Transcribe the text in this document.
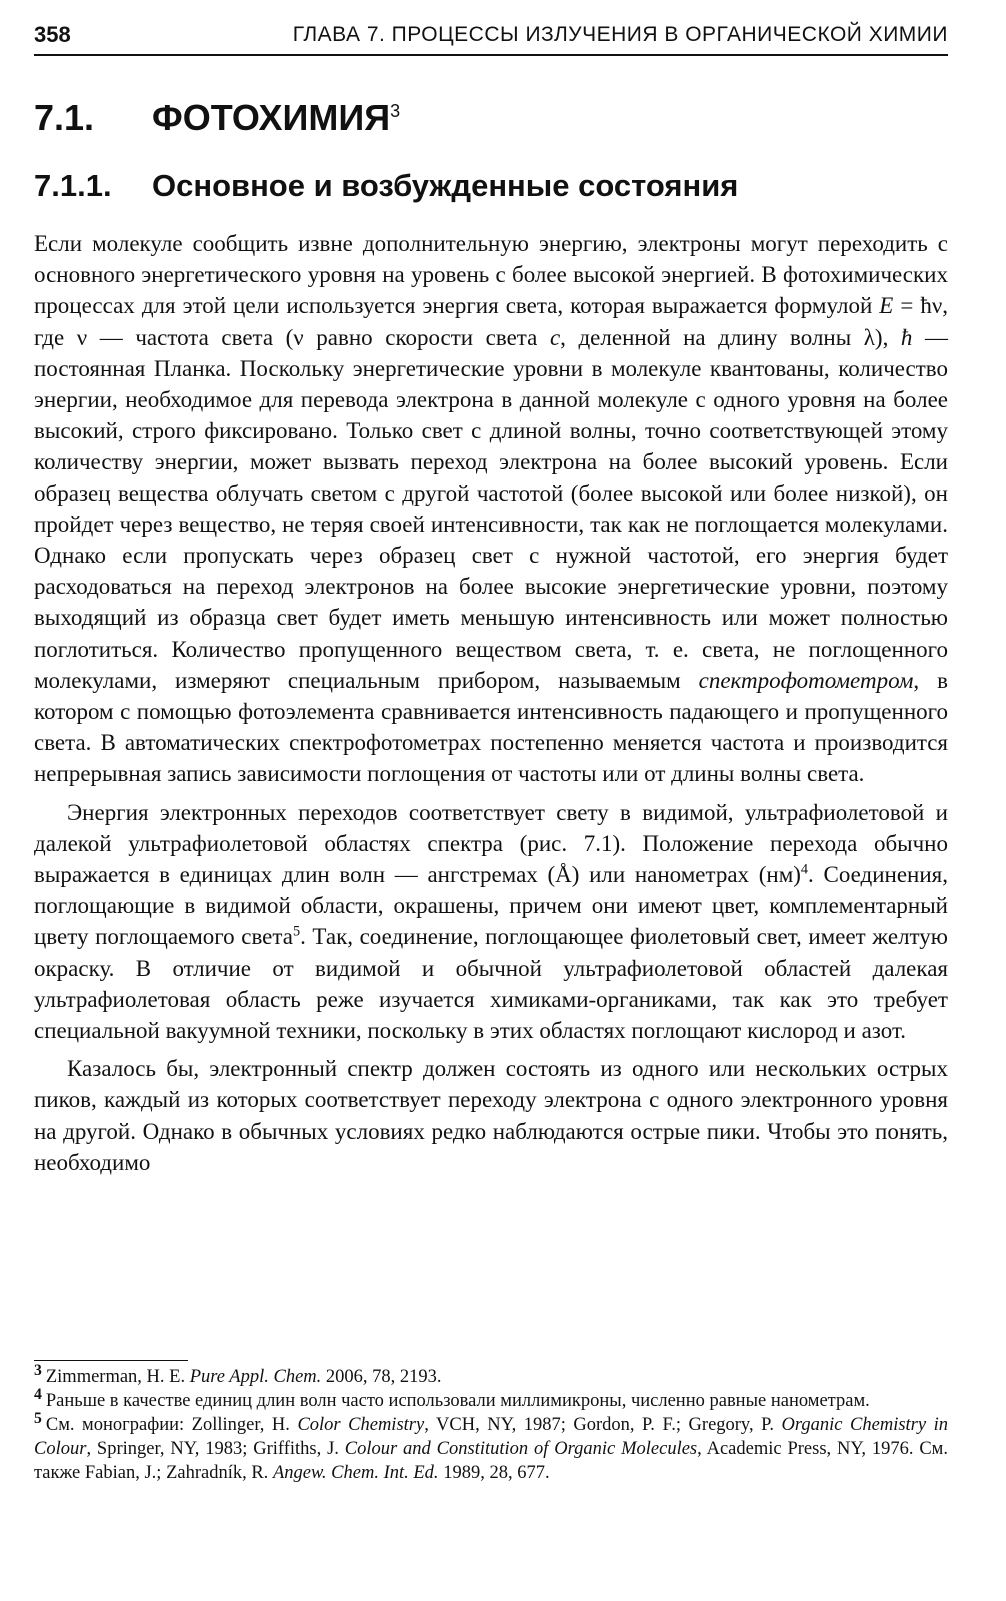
358	ГЛАВА 7. ПРОЦЕССЫ ИЗЛУЧЕНИЯ В ОРГАНИЧЕСКОЙ ХИМИИ
7.1.	ФОТОХИМИЯ$^3$
7.1.1.	Основное и возбужденные состояния

Если молекуле сообщить извне дополнительную энергию, электроны могут переходить с основного энергетического уровня на уровень с более высокой энергией. В фотохимических процессах для этой цели используется энергия света, которая выражается формулой E = ħν, где ν — частота света (ν равно скорости света c, деленной на длину волны λ), ħ — постоянная Планка. Поскольку энергетические уровни в молекуле квантованы, количество энергии, необходимое для перевода электрона в данной молекуле с одного уровня на более высокий, строго фиксировано. Только свет с длиной волны, точно соответствующей этому количеству энергии, может вызвать переход электрона на более высокий уровень. Если образец вещества облучать светом с другой частотой (более высокой или более низкой), он пройдет через вещество, не теряя своей интенсивности, так как не поглощается молекулами. Однако если пропускать через образец свет с нужной частотой, его энергия будет расходоваться на переход электронов на более высокие энергетические уровни, поэтому выходящий из образца свет будет иметь меньшую интенсивность или может полностью поглотиться. Количество пропущенного веществом света, т. е. света, не поглощенного молекулами, измеряют специальным прибором, называемым спектрофотометром, в котором с помощью фотоэлемента сравнивается интенсивность падающего и пропущенного света. В автоматических спектрофотометрах постепенно меняется частота и производится непрерывная запись зависимости поглощения от частоты или от длины волны света.

Энергия электронных переходов соответствует свету в видимой, ультрафиолетовой и далекой ультрафиолетовой областях спектра (рис. 7.1). Положение перехода обычно выражается в единицах длин волн — ангстремах (Å) или нанометрах (нм)$^4$. Соединения, поглощающие в видимой области, окрашены, причем они имеют цвет, комплементарный цвету поглощаемого света$^5$. Так, соединение, поглощающее фиолетовый свет, имеет желтую окраску. В отличие от видимой и обычной ультрафиолетовой областей далекая ультрафиолетовая область реже изучается химиками-органиками, так как это требует специальной вакуумной техники, поскольку в этих областях поглощают кислород и азот.

Казалось бы, электронный спектр должен состоять из одного или нескольких острых пиков, каждый из которых соответствует переходу электрона с одного электронного уровня на другой. Однако в обычных условиях редко наблюдаются острые пики. Чтобы это понять, необходимо

$^3$ Zimmerman, H. E. Pure Appl. Chem. 2006, 78, 2193.

$^4$ Раньше в качестве единиц длин волн часто использовали миллимикроны, численно равные нанометрам.

$^5$ См. монографии: Zollinger, H. Color Chemistry, VCH, NY, 1987; Gordon, P. F.; Gregory, P. Organic Chemistry in Colour, Springer, NY, 1983; Griffiths, J. Colour and Constitution of Organic Molecules, Academic Press, NY, 1976. См. также Fabian, J.; Zahradník, R. Angew. Chem. Int. Ed. 1989, 28, 677.
